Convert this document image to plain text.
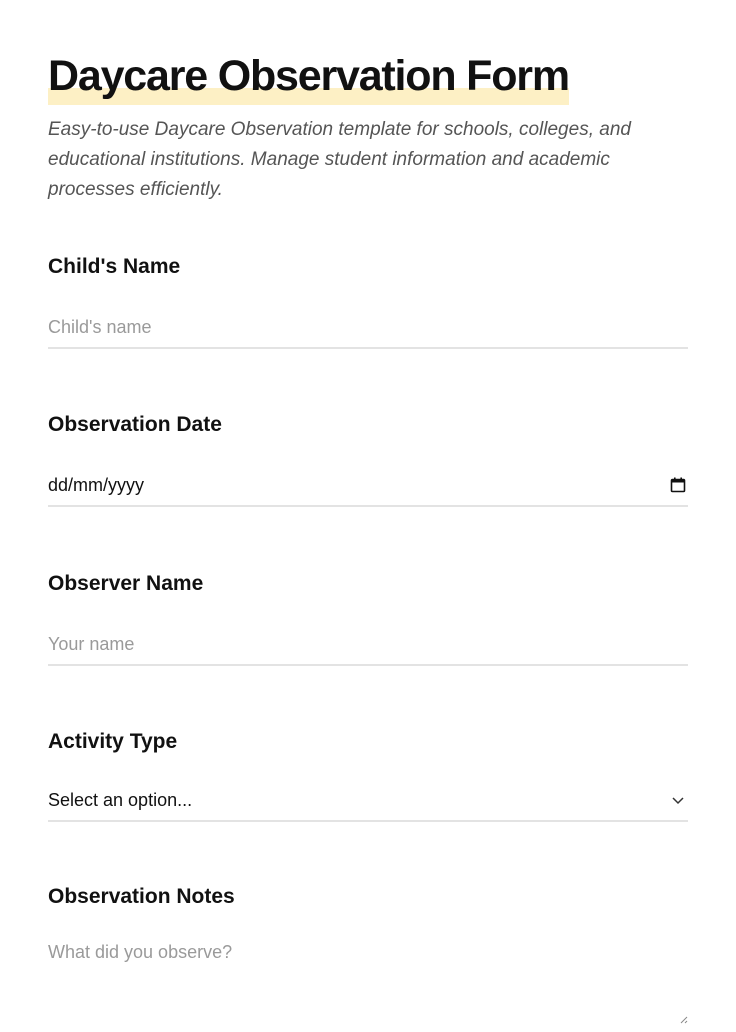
Daycare Observation Form

Easy-to-use Daycare Observation template for schools, colleges, and educational institutions. Manage student information and academic processes efficiently.

Child's Name

Child's name

Observation Date

dd/mm/yyyy

Observer Name

Your name

Activity Type

Select an option...

Observation Notes

What did you observe?
